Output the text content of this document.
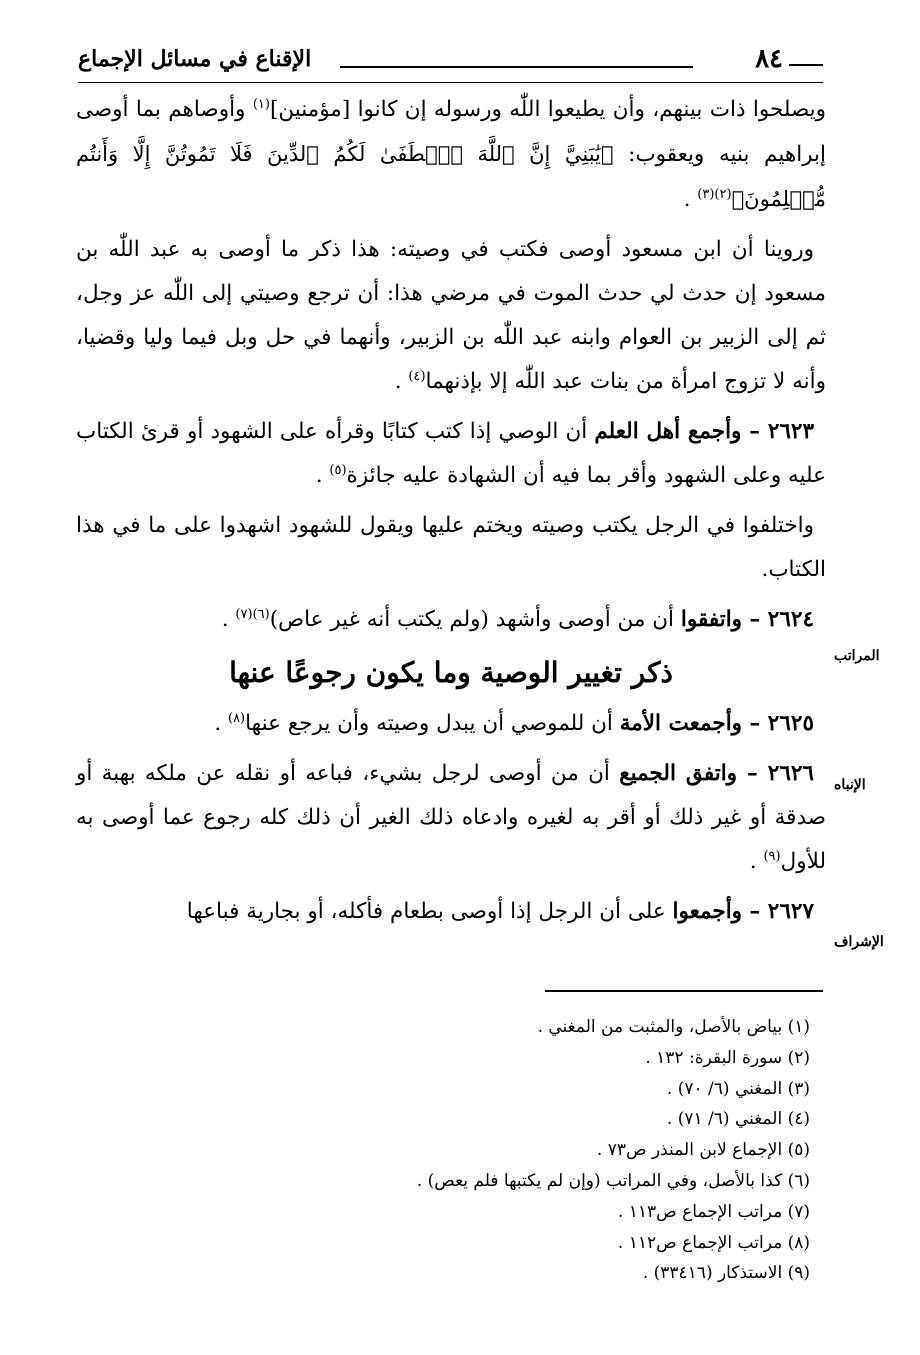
٨٤
الإقناع في مسائل الإجماع

ويصلحوا ذات بينهم، وأن يطيعوا اللّٰه ورسوله إن كانوا [مؤمنين]$^{(١)}$ وأوصاهم بما أوصى إبراهيم بنيه ويعقوب: ﴿يَٰبَنِيَّ إِنَّ ٱللَّهَ ٱصۡطَفَىٰ لَكُمُ ٱلدِّينَ فَلَا تَمُوتُنَّ إِلَّا وَأَنتُم مُّسۡلِمُونَ﴾$^{(٢)(٣)}$ .

وروينا أن ابن مسعود أوصى فكتب في وصيته: هذا ذكر ما أوصى به عبد اللّٰه بن مسعود إن حدث لي حدث الموت في مرضي هذا: أن ترجع وصيتي إلى اللّٰه عز وجل، ثم إلى الزبير بن العوام وابنه عبد اللّٰه بن الزبير، وأنهما في حل وبل فيما وليا وقضيا، وأنه لا تزوج امرأة من بنات عبد اللّٰه إلا بإذنهما$^{(٤)}$ .

٢٦٢٣ – وأجمع أهل العلم أن الوصي إذا كتب كتابًا وقرأه على الشهود أو قرئ الكتاب عليه وعلى الشهود وأقر بما فيه أن الشهادة عليه جائزة$^{(٥)}$ .

واختلفوا في الرجل يكتب وصيته ويختم عليها ويقول للشهود اشهدوا على ما في هذا الكتاب.

٢٦٢٤ – واتفقوا أن من أوصى وأشهد (ولم يكتب أنه غير عاص)$^{(٦)(٧)}$ .

ذكر تغيير الوصية وما يكون رجوعًا عنها

٢٦٢٥ – وأجمعت الأمة أن للموصي أن يبدل وصيته وأن يرجع عنها$^{(٨)}$ .

٢٦٢٦ – واتفق الجميع أن من أوصى لرجل بشيء، فباعه أو نقله عن ملكه بهبة أو صدقة أو غير ذلك أو أقر به لغيره وادعاه ذلك الغير أن ذلك كله رجوع عما أوصى به للأول$^{(٩)}$ .

٢٦٢٧ – وأجمعوا على أن الرجل إذا أوصى بطعام فأكله، أو بجارية فباعها

المراتب
الإنباه
الإشراف
(١) بياض بالأصل، والمثبت من المغني .
(٢) سورة البقرة: ١٣٢ .
(٣) المغني (٦/ ٧٠) .
(٤) المغني (٦/ ٧١) .
(٥) الإجماع لابن المنذر ص٧٣ .
(٦) كذا بالأصل، وفي المراتب (وإن لم يكتبها فلم يعص) .
(٧) مراتب الإجماع ص١١٣ .
(٨) مراتب الإجماع ص١١٢ .
(٩) الاستذكار (٣٣٤١٦) .
